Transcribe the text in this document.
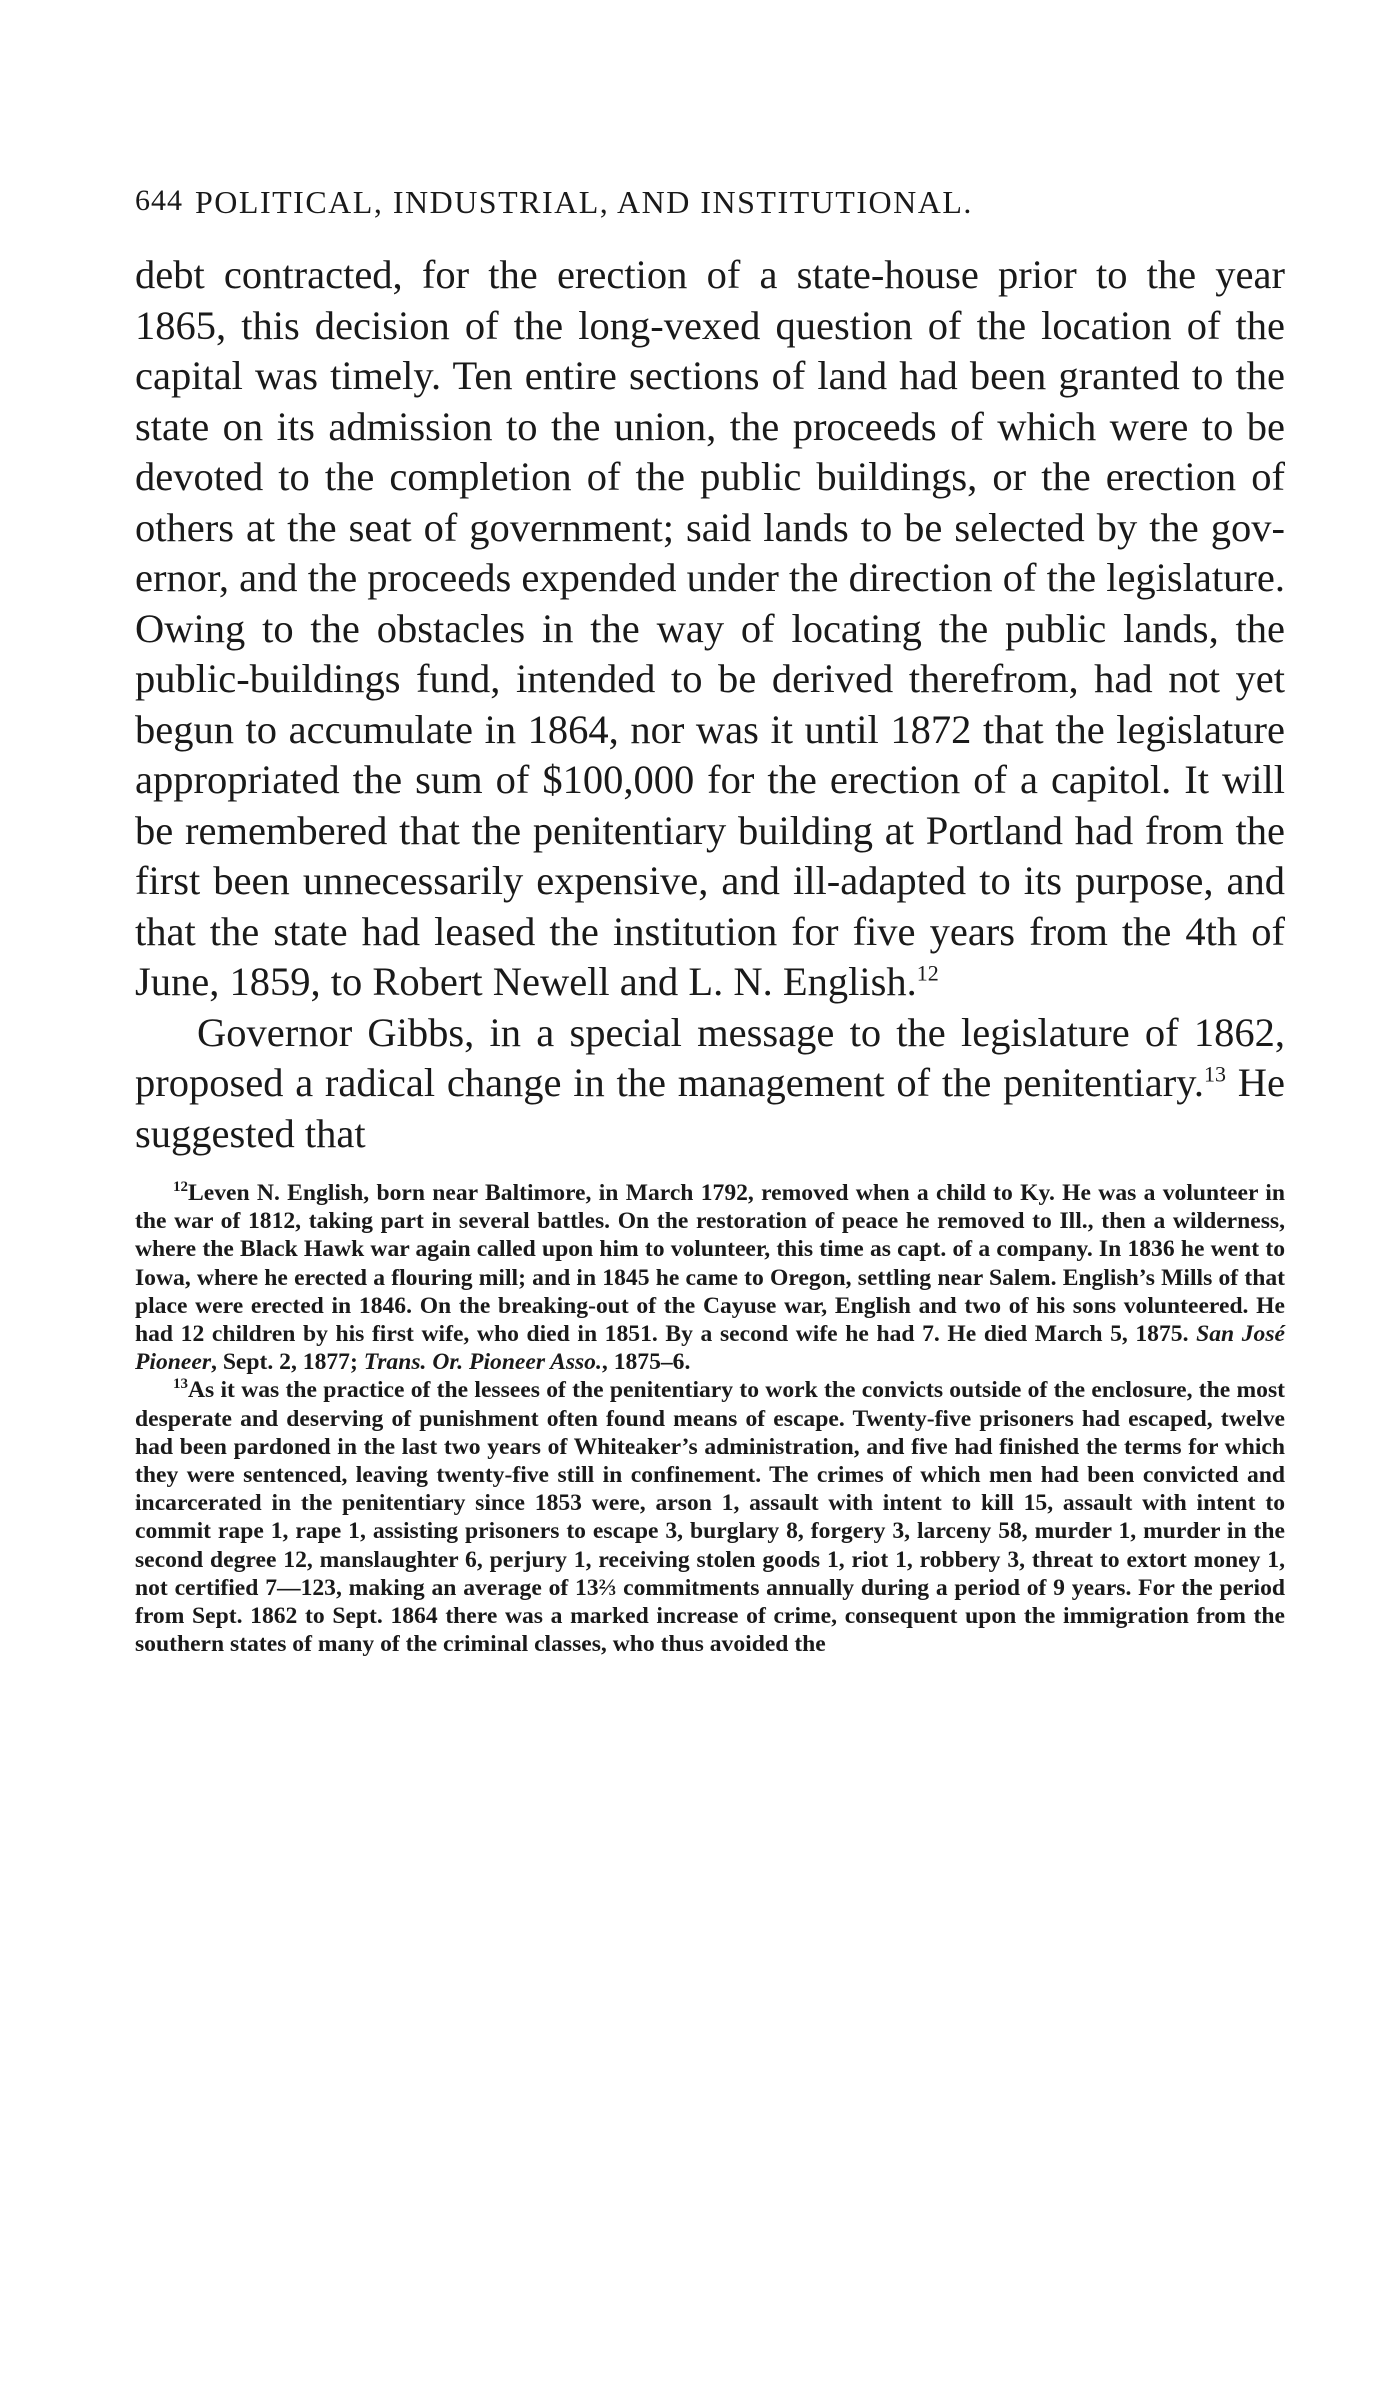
644 POLITICAL, INDUSTRIAL, AND INSTITUTIONAL.

debt contracted, for the erection of a state-house prior to the year 1865, this decision of the long-vexed question of the location of the capital was timely. Ten entire sections of land had been granted to the state on its admission to the union, the proceeds of which were to be devoted to the completion of the public buildings, or the erection of others at the seat of government; said lands to be selected by the governor, and the proceeds expended under the direction of the legislature. Owing to the obstacles in the way of locating the public lands, the public-buildings fund, intended to be derived therefrom, had not yet begun to accumulate in 1864, nor was it until 1872 that the legislature appropriated the sum of $100,000 for the erection of a capitol. It will be remembered that the penitentiary building at Portland had from the first been unnecessarily expensive, and ill-adapted to its purpose, and that the state had leased the institution for five years from the 4th of June, 1859, to Robert Newell and L. N. English.$^{12}$

Governor Gibbs, in a special message to the legislature of 1862, proposed a radical change in the management of the penitentiary.$^{13}$ He suggested that

$^{12}$Leven N. English, born near Baltimore, in March 1792, removed when a child to Ky. He was a volunteer in the war of 1812, taking part in several battles. On the restoration of peace he removed to Ill., then a wilderness, where the Black Hawk war again called upon him to volunteer, this time as capt. of a company. In 1836 he went to Iowa, where he erected a flouring mill; and in 1845 he came to Oregon, settling near Salem. English’s Mills of that place were erected in 1846. On the breaking-out of the Cayuse war, English and two of his sons volunteered. He had 12 children by his first wife, who died in 1851. By a second wife he had 7. He died March 5, 1875. San José Pioneer, Sept. 2, 1877; Trans. Or. Pioneer Asso., 1875–6.

$^{13}$As it was the practice of the lessees of the penitentiary to work the convicts outside of the enclosure, the most desperate and deserving of punishment often found means of escape. Twenty-five prisoners had escaped, twelve had been pardoned in the last two years of Whiteaker’s administration, and five had finished the terms for which they were sentenced, leaving twenty-five still in confinement. The crimes of which men had been convicted and incarcerated in the penitentiary since 1853 were, arson 1, assault with intent to kill 15, assault with intent to commit rape 1, rape 1, assisting prisoners to escape 3, burglary 8, forgery 3, larceny 58, murder 1, murder in the second degree 12, manslaughter 6, perjury 1, receiving stolen goods 1, riot 1, robbery 3, threat to extort money 1, not certified 7—123, making an average of 13⅔ commitments annually during a period of 9 years. For the period from Sept. 1862 to Sept. 1864 there was a marked increase of crime, consequent upon the immigration from the southern states of many of the criminal classes, who thus avoided the
